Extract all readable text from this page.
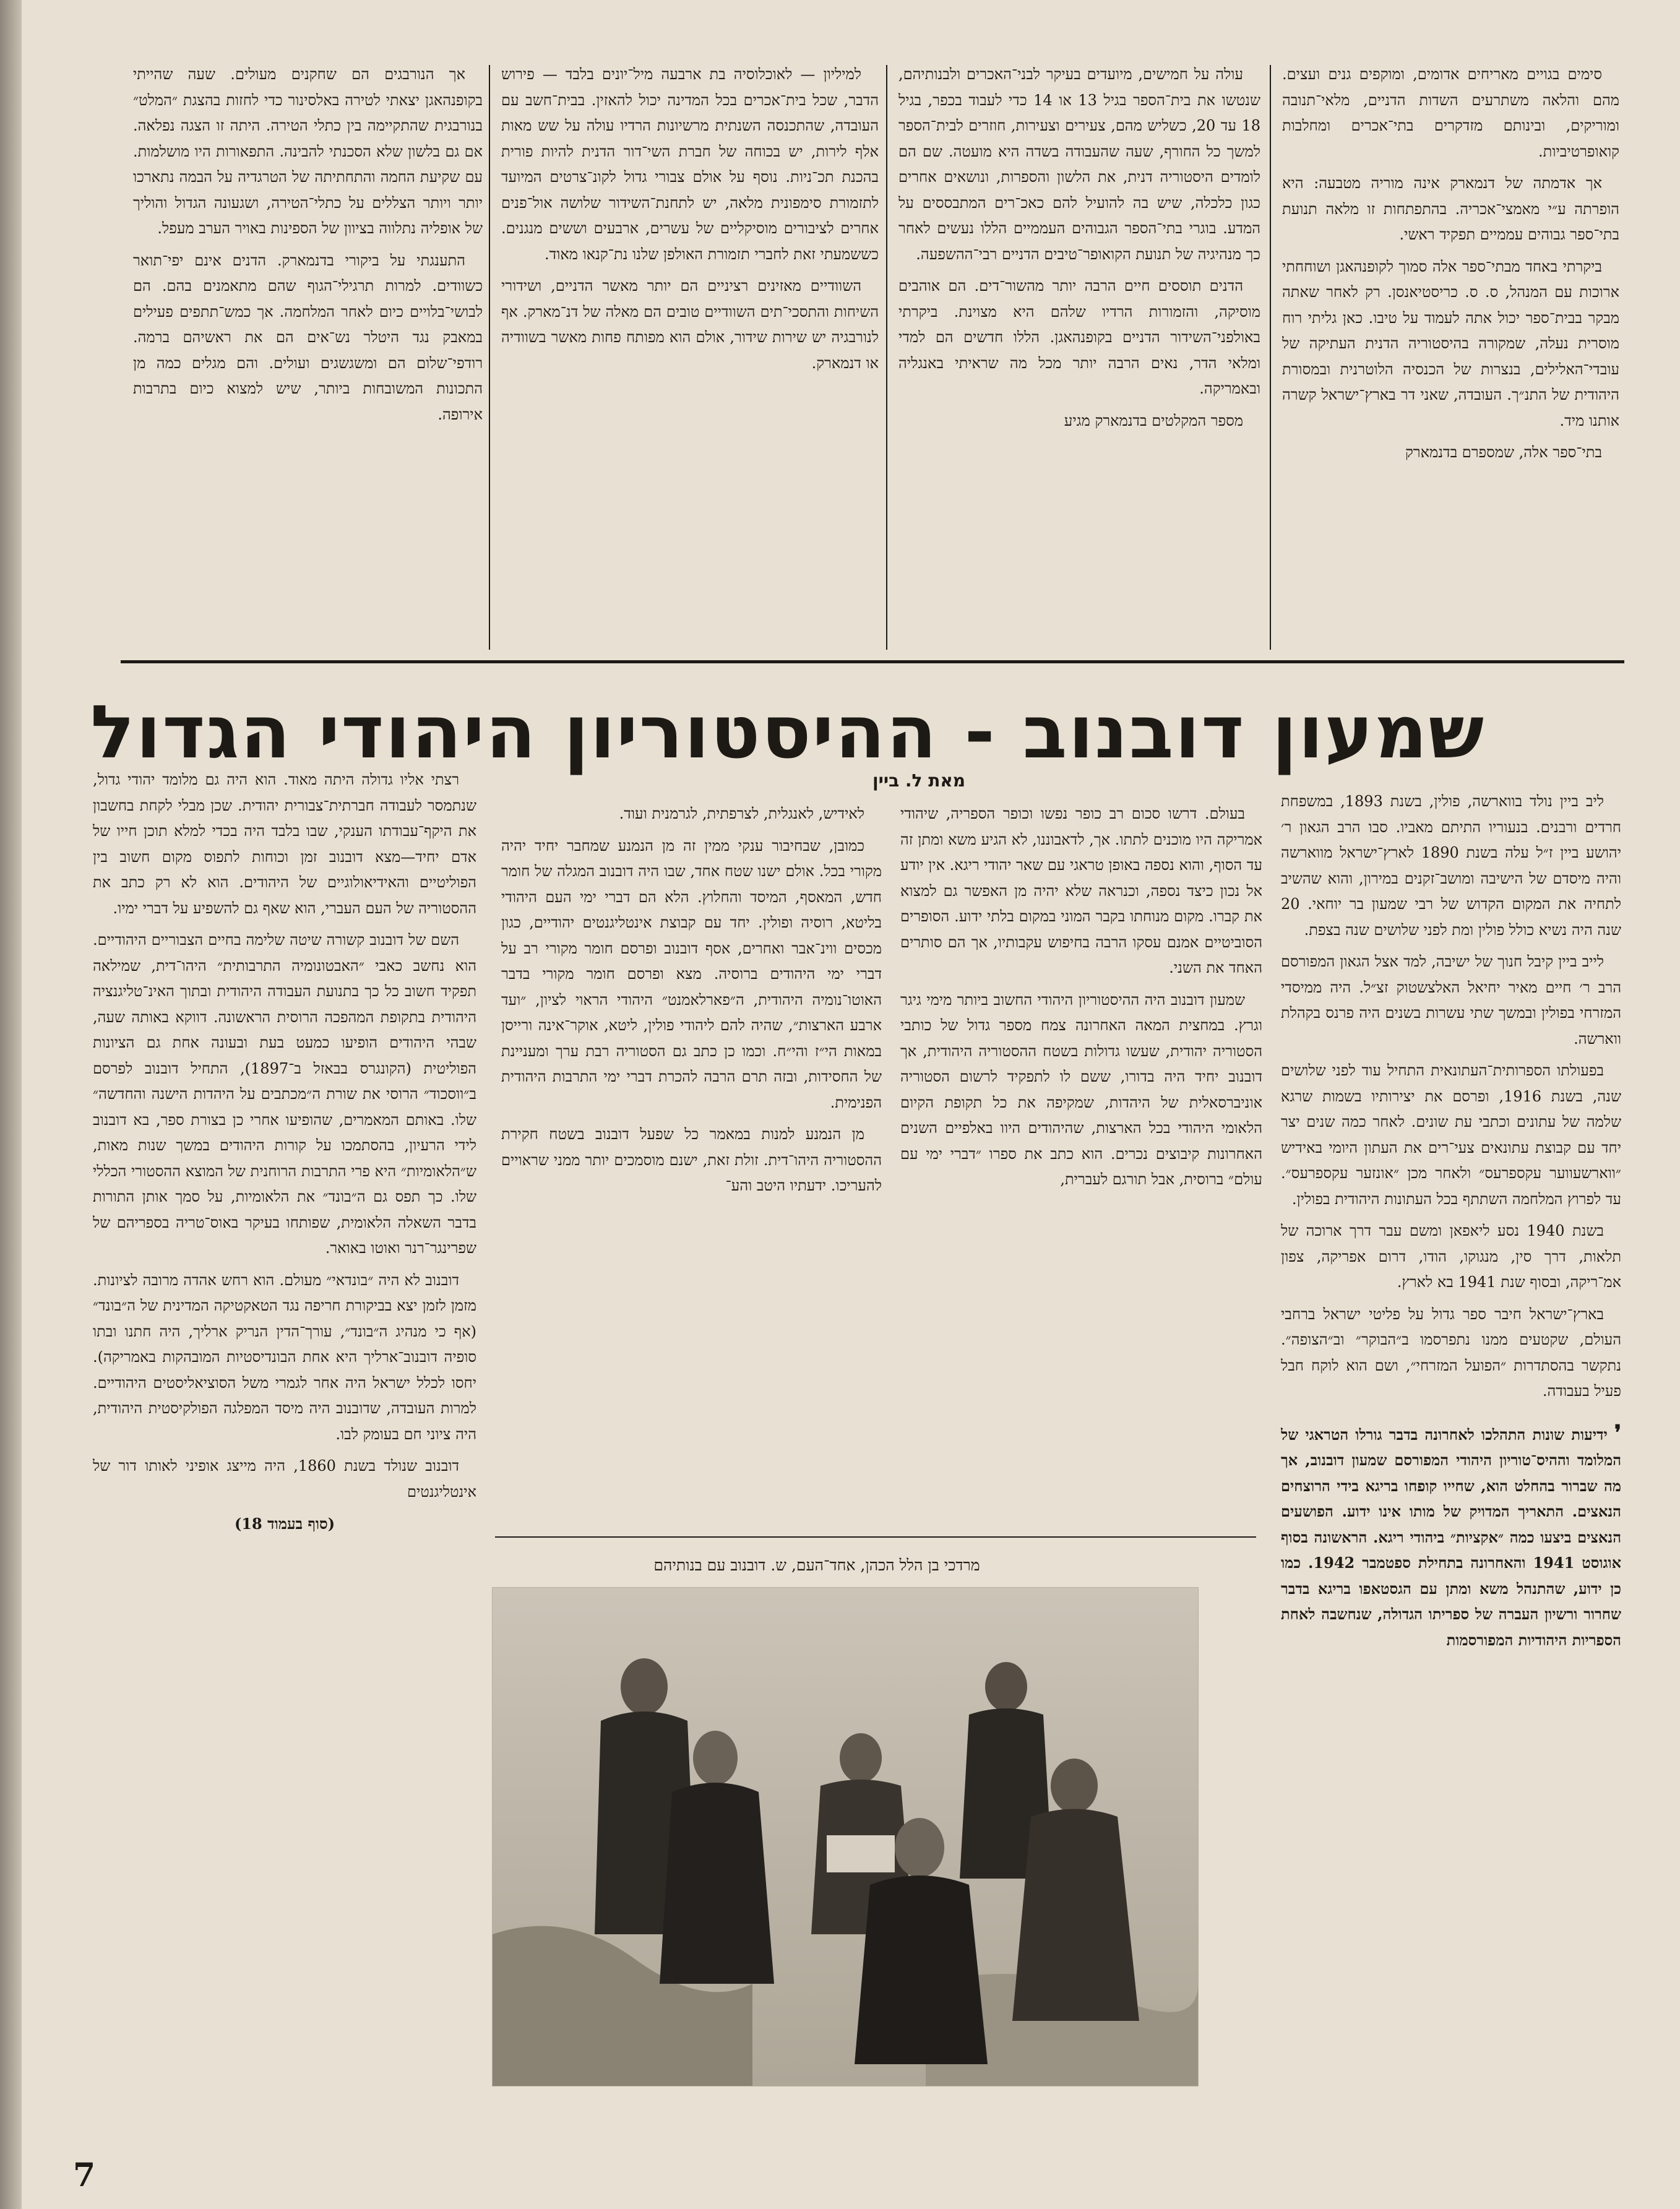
סימים בגויים מאריחים אדומים, ומוקפים גנים ועצים. מהם והלאה משתרעים השדות הדניים, מלאי־תנובה ומוריקים, ובינותם מזדקרים בתי־אכרים ומחלבות קואופרטיביות.

אך אדמתה של דנמארק אינה מוריה מטבעה: היא הופרתה ע״י מאמצי־אכריה. בהתפתחות זו מלאה תנועת בתי־ספר גבוהים עממיים תפקיד ראשי.

ביקרתי באחד מבתי־ספר אלה סמוך לקופנהאגן ושוחחתי ארוכות עם המנהל, ס. ס. כריסטיאנסן. רק לאחר שאתה מבקר בבית־ספר יכול אתה לעמוד על טיבו. כאן גליתי רוח מוסרית נעלה, שמקורה בהיסטוריה הדנית העתיקה של עובדי־האלילים, בנצרות של הכנסיה הלוטרנית ובמסורת היהודית של התנ״ך. העובדה, שאני דר בארץ־ישראל קשרה אותנו מיד.

בתי־ספר אלה, שמספרם בדנמארק

עולה על חמישים, מיועדים בעיקר לבני־האכרים ולבנותיהם, שנטשו את בית־הספר בגיל 13 או 14 כדי לעבוד בכפר, בגיל 18 עד 20, כשליש מהם, צעירים וצעירות, חוזרים לבית־הספר למשך כל החורף, שעה שהעבודה בשדה היא מועטה. שם הם לומדים היסטוריה דנית, את הלשון והספרות, ונושאים אחרים כגון כלכלה, שיש בה להועיל להם כאכ־רים המתבססים על המדע. בוגרי בתי־הספר הגבוהים העממיים הללו נעשים לאחר כך מנהיגיה של תנועת הקואופר־טיבים הדניים רבי־ההשפעה.

הדנים תוססים חיים הרבה יותר מהשור־דים. הם אוהבים מוסיקה, והזמורות הרדיו שלהם היא מצוינת. ביקרתי באולפני־השידור הדניים בקופנהאגן. הללו חדשים הם למדי ומלאי הדר, נאים הרבה יותר מכל מה שראיתי באנגליה ובאמריקה.

מספר המקלטים בדנמארק מגיע

למיליון — לאוכלוסיה בת ארבעה מיל־יונים בלבד — פירוש הדבר, שכל בית־אכרים בכל המדינה יכול להאזין. בבית־חשב עם העובדה, שהתכנסה השנתית מרשיונות הרדיו עולה על שש מאות אלף לירות, יש בכוחה של חברת השי־דור הדנית להיות פורית בהכנת תכ־ניות. נוסף על אולם צבורי גדול לקונ־צרטים המיועד לתזמורת סימפונית מלאה, יש לתחנת־השידור שלושה אול־פנים אחרים לציבורים מוסיקליים של עשרים, ארבעים וששים מנגנים. כששמעתי זאת לחברי תזמורת האולפן שלנו נת־קנאו מאוד.

השוודיים מאזינים רציניים הם יותר מאשר הדניים, ושידורי השיחות והתסכי־תים השוודיים טובים הם מאלה של דנ־מארק. אף לנורבגיה יש שירות שידור, אולם הוא מפותח פחות מאשר בשוודיה או דנמארק.

אך הנורבגים הם שחקנים מעולים. שעה שהייתי בקופנהאגן יצאתי לטירה באלסינור כדי לחזות בהצגת ״המלט״ בנורבגית שהתקיימה בין כתלי הטירה. היתה זו הצגה נפלאה. אם גם בלשון שלא הסכנתי להבינה. התפאורות היו מושלמות. עם שקיעת החמה והתחתיתה של הטרגדיה על הבמה נתארכו יותר ויותר הצללים על כתלי־הטירה, ושגעונה הגדול והוליך של אופליה נתלווה בציוון של הספינות באויר הערב מעפל.

התענגתי על ביקורי בדנמארק. הדנים אינם יפי־תואר כשוודים. למרות תרגילי־הגוף שהם מתאמנים בהם. הם לבושי־בלויים כיום לאחר המלחמה. אך כמש־תתפים פעילים במאבק נגד היטלר נש־אים הם את ראשיהם ברמה. רודפי־שלום הם ומשגשגים ועולים. והם מגלים כמה מן התכונות המשובחות ביותר, שיש למצוא כיום בתרבות אירופה.

שמעון דובנוב - ההיסטוריון היהודי הגדול
מאת ל. ביין

ליב ביין נולד בווארשה, פולין, בשנת 1893, במשפחת חרדים ורבנים. בנעוריו התיתם מאביו. סבו הרב הגאון ר׳ יהושע ביין ז״ל עלה בשנת 1890 לארץ־ישראל מווארשה והיה מיסדם של הישיבה ומושב־זקנים במירון, והוא שהשיב לתחיה את המקום הקדוש של רבי שמעון בר יוחאי. 20 שנה היה נשיא כולל פולין ומת לפני שלושים שנה בצפת.

לייב ביין קיבל חנוך של ישיבה, למד אצל הגאון המפורסם הרב ר׳ חיים מאיר יחיאל האלצשטוק זצ״ל. היה ממיסדי המזרחי בפולין ובמשך שתי עשרות בשנים היה פרנס בקהלת ווארשה.

בפעולתו הספרותית־העתונאית התחיל עוד לפני שלושים שנה, בשנת 1916, ופרסם את יצירותיו בשמות שרגא שלמה של עתונים וכתבי עת שונים. לאחר כמה שנים יצר יחד עם קבוצת עתונאים צעי־רים את העתון היומי באידיש ״ווארשעווער עקספרעס״ ולאחר מכן ״אונזער עקספרעס״. עד לפרוץ המלחמה השתתף בכל העתונות היהודית בפולין.

בשנת 1940 נסע ליאפאן ומשם עבר דרך ארוכה של תלאות, דרך סין, מנגוקו, הודו, דרום אפריקה, צפון אמ־ריקה, ובסוף שנת 1941 בא לארץ.

בארץ־ישראל חיבר ספר גדול על פליטי ישראל ברחבי העולם, שקטעים ממנו נתפרסמו ב״הבוקר״ וב״הצופה״. נתקשר בהסתדרות ״הפועל המזרחי״, ושם הוא לוקח חבל פעיל בעבודה.

❜ ידיעות שונות התהלכו לאחרונה בדבר גורלו הטראגי של המלומד וההיס־טוריון היהודי המפורסם שמעון דובנוב, אך מה שברור בהחלט הוא, שחייו קופחו בריגא בידי הרוצחים הנאצים. התאריך המדויק של מותו אינו ידוע. הפושעים הנאצים ביצעו כמה ״אקציות״ ביהודי ריגא. הראשונה בסוף אוגוסט 1941 והאחרונה בתחילת ספטמבר 1942. כמו כן ידוע, שהתנהל משא ומתן עם הגסטאפו בריגא בדבר שחרור ורשיון העברה של ספריתו הגדולה, שנחשבה לאחת הספריות היהודיות המפורסמות

בעולם. דרשו סכום רב כופר נפשו וכופר הספריה, שיהודי אמריקה היו מוכנים לתתו. אך, לדאבוננו, לא הגיע משא ומתן זה עד הסוף, והוא נספה באופן טראגי עם שאר יהודי ריגא. אין יודע אל נכון כיצד נספה, וכנראה שלא יהיה מן האפשר גם למצוא את קברו. מקום מנוחתו בקבר המוני במקום בלתי ידוע. הסופרים הסוביטיים אמנם עסקו הרבה בחיפוש עקבותיו, אך הם סותרים האחד את השני.

שמעון דובנוב היה ההיסטוריון היהודי החשוב ביותר מימי גיגר וגרץ. במחצית המאה האחרונה צמח מספר גדול של כותבי הסטוריה יהודית, שעשו גדולות בשטח ההסטוריה היהודית, אך דובנוב יחיד היה בדורו, ששם לו לתפקיד לרשום הסטוריה אוניברסאלית של היהדות, שמקיפה את כל תקופת הקיום הלאומי היהודי בכל הארצות, שהיהודים היוו באלפיים השנים האחרונות קיבוצים נכרים. הוא כתב את ספרו ״דברי ימי עם עולם״ ברוסית, אבל תורגם לעברית,

לאידיש, לאנגלית, לצרפתית, לגרמנית ועוד.

כמובן, שבחיבור ענקי ממין זה מן הנמנע שמחבר יחיד יהיה מקורי בכל. אולם ישנו שטח אחד, שבו היה דובנוב המגלה של חומר חדש, המאסף, המיסד והחלוץ. הלא הם דברי ימי העם היהודי בליטא, רוסיה ופולין. יחד עם קבוצת אינטליגנטים יהודיים, כגון מכסים ווינ־אבר ואחרים, אסף דובנוב ופרסם חומר מקורי רב על דברי ימי היהודים ברוסיה. מצא ופרסם חומר מקורי בדבר האוטו־נומיה היהודית, ה״פארלאמנט״ היהודי הראוי לציון, ״ועד ארבע הארצות״, שהיה להם ליהודי פולין, ליטא, אוקר־אינה ורייסן במאות הי״ז והי״ח. וכמו כן כתב גם הסטוריה רבת ערך ומעניינת של החסידות, ובזה תרם הרבה להכרת דברי ימי התרבות היהודית הפנימית.

מן הנמנע למנות במאמר כל שפעל דובנוב בשטח חקירת ההסטוריה היהו־דית. זולת זאת, ישנם מוסמכים יותר ממני שראויים להעריכו. ידעתיו היטב והע־

רצתי אליו גדולה היתה מאוד. הוא היה גם מלומד יהודי גדול, שנתמסר לעבודה חברתית־צבורית יהודית. שכן מבלי לקחת בחשבון את היקף־עבודתו הענקי, שבו בלבד היה בכדי למלא תוכן חייו של אדם יחיד—מצא דובנוב זמן וכוחות לתפוס מקום חשוב בין הפוליטיים והאידיאולוגיים של היהודים. הוא לא רק כתב את ההסטוריה של העם העברי, הוא שאף גם להשפיע על דברי ימיו.

השם של דובנוב קשורה שיטה שלימה בחיים הצבוריים היהודיים. הוא נחשב כאבי ״האבטונומיה התרבותית״ היהו־דית, שמילאה תפקיד חשוב כל כך בתנועת העבודה היהודית ובתוך האינ־טליגנציה היהודית בתקופת המהפכה הרוסית הראשונה. דווקא באותה שעה, שבהי היהודים הופיעו כמעט בעת ובעונה אחת גם הציונות הפוליטית (הקונגרס בבאזל ב־1897), התחיל דובנוב לפרסם ב״ווסכוד״ הרוסי את שורת ה״מכתבים על היהדות הישנה והחדשה״ שלו. באותם המאמרים, שהופיעו אחרי כן בצורת ספר, בא דובנוב לידי הרעיון, בהסתמכו על קורות היהודים במשך שנות מאות, ש״הלאומיות״ היא פרי התרבות הרוחנית של המוצא ההסטורי הכללי שלו. כך תפס גם ה״בונד״ את הלאומיות, על סמך אותן התורות בדבר השאלה הלאומית, שפותחו בעיקר באוס־טריה בספריהם של שפרינגר־רנר ואוטו באואר.

דובנוב לא היה ״בונדאי״ מעולם. הוא רחש אהדה מרובה לציונות. מזמן לזמן יצא בביקורת חריפה נגד הטאקטיקה המדינית של ה״בונד״ (אף כי מנהיג ה״בונד״, עורך־הדין הנריק ארליך, היה חתנו ובתו סופיה דובנוב־ארליך היא אחת הבונדיסטיות המובהקות באמריקה). יחסו לכלל ישראל היה אחר לגמרי משל הסוציאליסטים היהודיים. למרות העובדה, שדובנוב היה מיסד המפלגה הפולקיסטית היהודית, היה ציוני חם בעומק לבו.

דובנוב שנולד בשנת 1860, היה מייצג אופיני לאותו דור של אינטליגנטים

(סוף בעמוד 18)

מרדכי בן הלל הכהן, אחד־העם, ש. דובנוב עם בנותיהם
7
